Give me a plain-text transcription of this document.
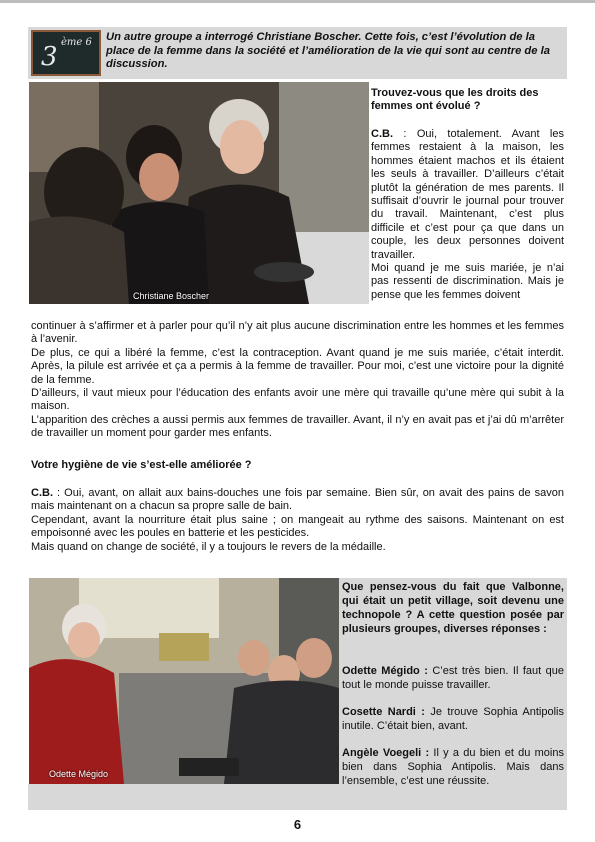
3 ème 6 Un autre groupe a interrogé Christiane Boscher. Cette fois, c’est l’évolution de la place de la femme dans la société et l’amélioration de la vie qui sont au centre de la discussion.
Christiane Boscher

Trouvez-vous que les droits des femmes ont évolué ?

C.B. : Oui, totalement. Avant les femmes restaient à la maison, les hommes étaient machos et ils étaient les seuls à travailler. D’ailleurs c’était plutôt la génération de mes parents. Il suffisait d’ouvrir le journal pour trouver du travail. Maintenant, c’est plus difficile et c’est pour ça que dans un couple, les deux personnes doivent travailler.

Moi quand je me suis mariée, je n’ai pas ressenti de discrimination. Mais je pense que les femmes doivent

continuer à s’affirmer et à parler pour qu’il n’y ait plus aucune discrimination entre les hommes et les femmes à l’avenir.

De plus, ce qui a libéré la femme, c’est la contraception. Avant quand je me suis mariée, c’était interdit. Après, la pilule est arrivée et ça a permis à la femme de travailler. Pour moi, c’est une victoire pour la dignité de la femme.

D’ailleurs, il vaut mieux pour l’éducation des enfants avoir une mère qui travaille qu’une mère qui subit à la maison.

L’apparition des crèches a aussi permis aux femmes de travailler. Avant, il n’y en avait pas et j’ai dû m’arrêter de travailler un moment pour garder mes enfants.

Votre hygiène de vie s’est-elle améliorée ?

C.B. : Oui, avant, on allait aux bains-douches une fois par semaine. Bien sûr, on avait des pains de savon mais maintenant on a chacun sa propre salle de bain.

Cependant, avant la nourriture était plus saine ; on mangeait au rythme des saisons. Maintenant on est empoisonné avec les poules en batterie et les pesticides.

Mais quand on change de société, il y a toujours le revers de la médaille.

Odette Mégido

Que pensez-vous du fait que Valbonne, qui était un petit village, soit devenu une technopole ? A cette question posée par plusieurs groupes, diverses réponses :

Odette Mégido : C’est très bien. Il faut que tout le monde puisse travailler.

Cosette Nardi : Je trouve Sophia Antipolis inutile. C’était bien, avant.

Angèle Voegeli : Il y a du bien et du moins bien dans Sophia Antipolis. Mais dans l’ensemble, c’est une réussite.

6
